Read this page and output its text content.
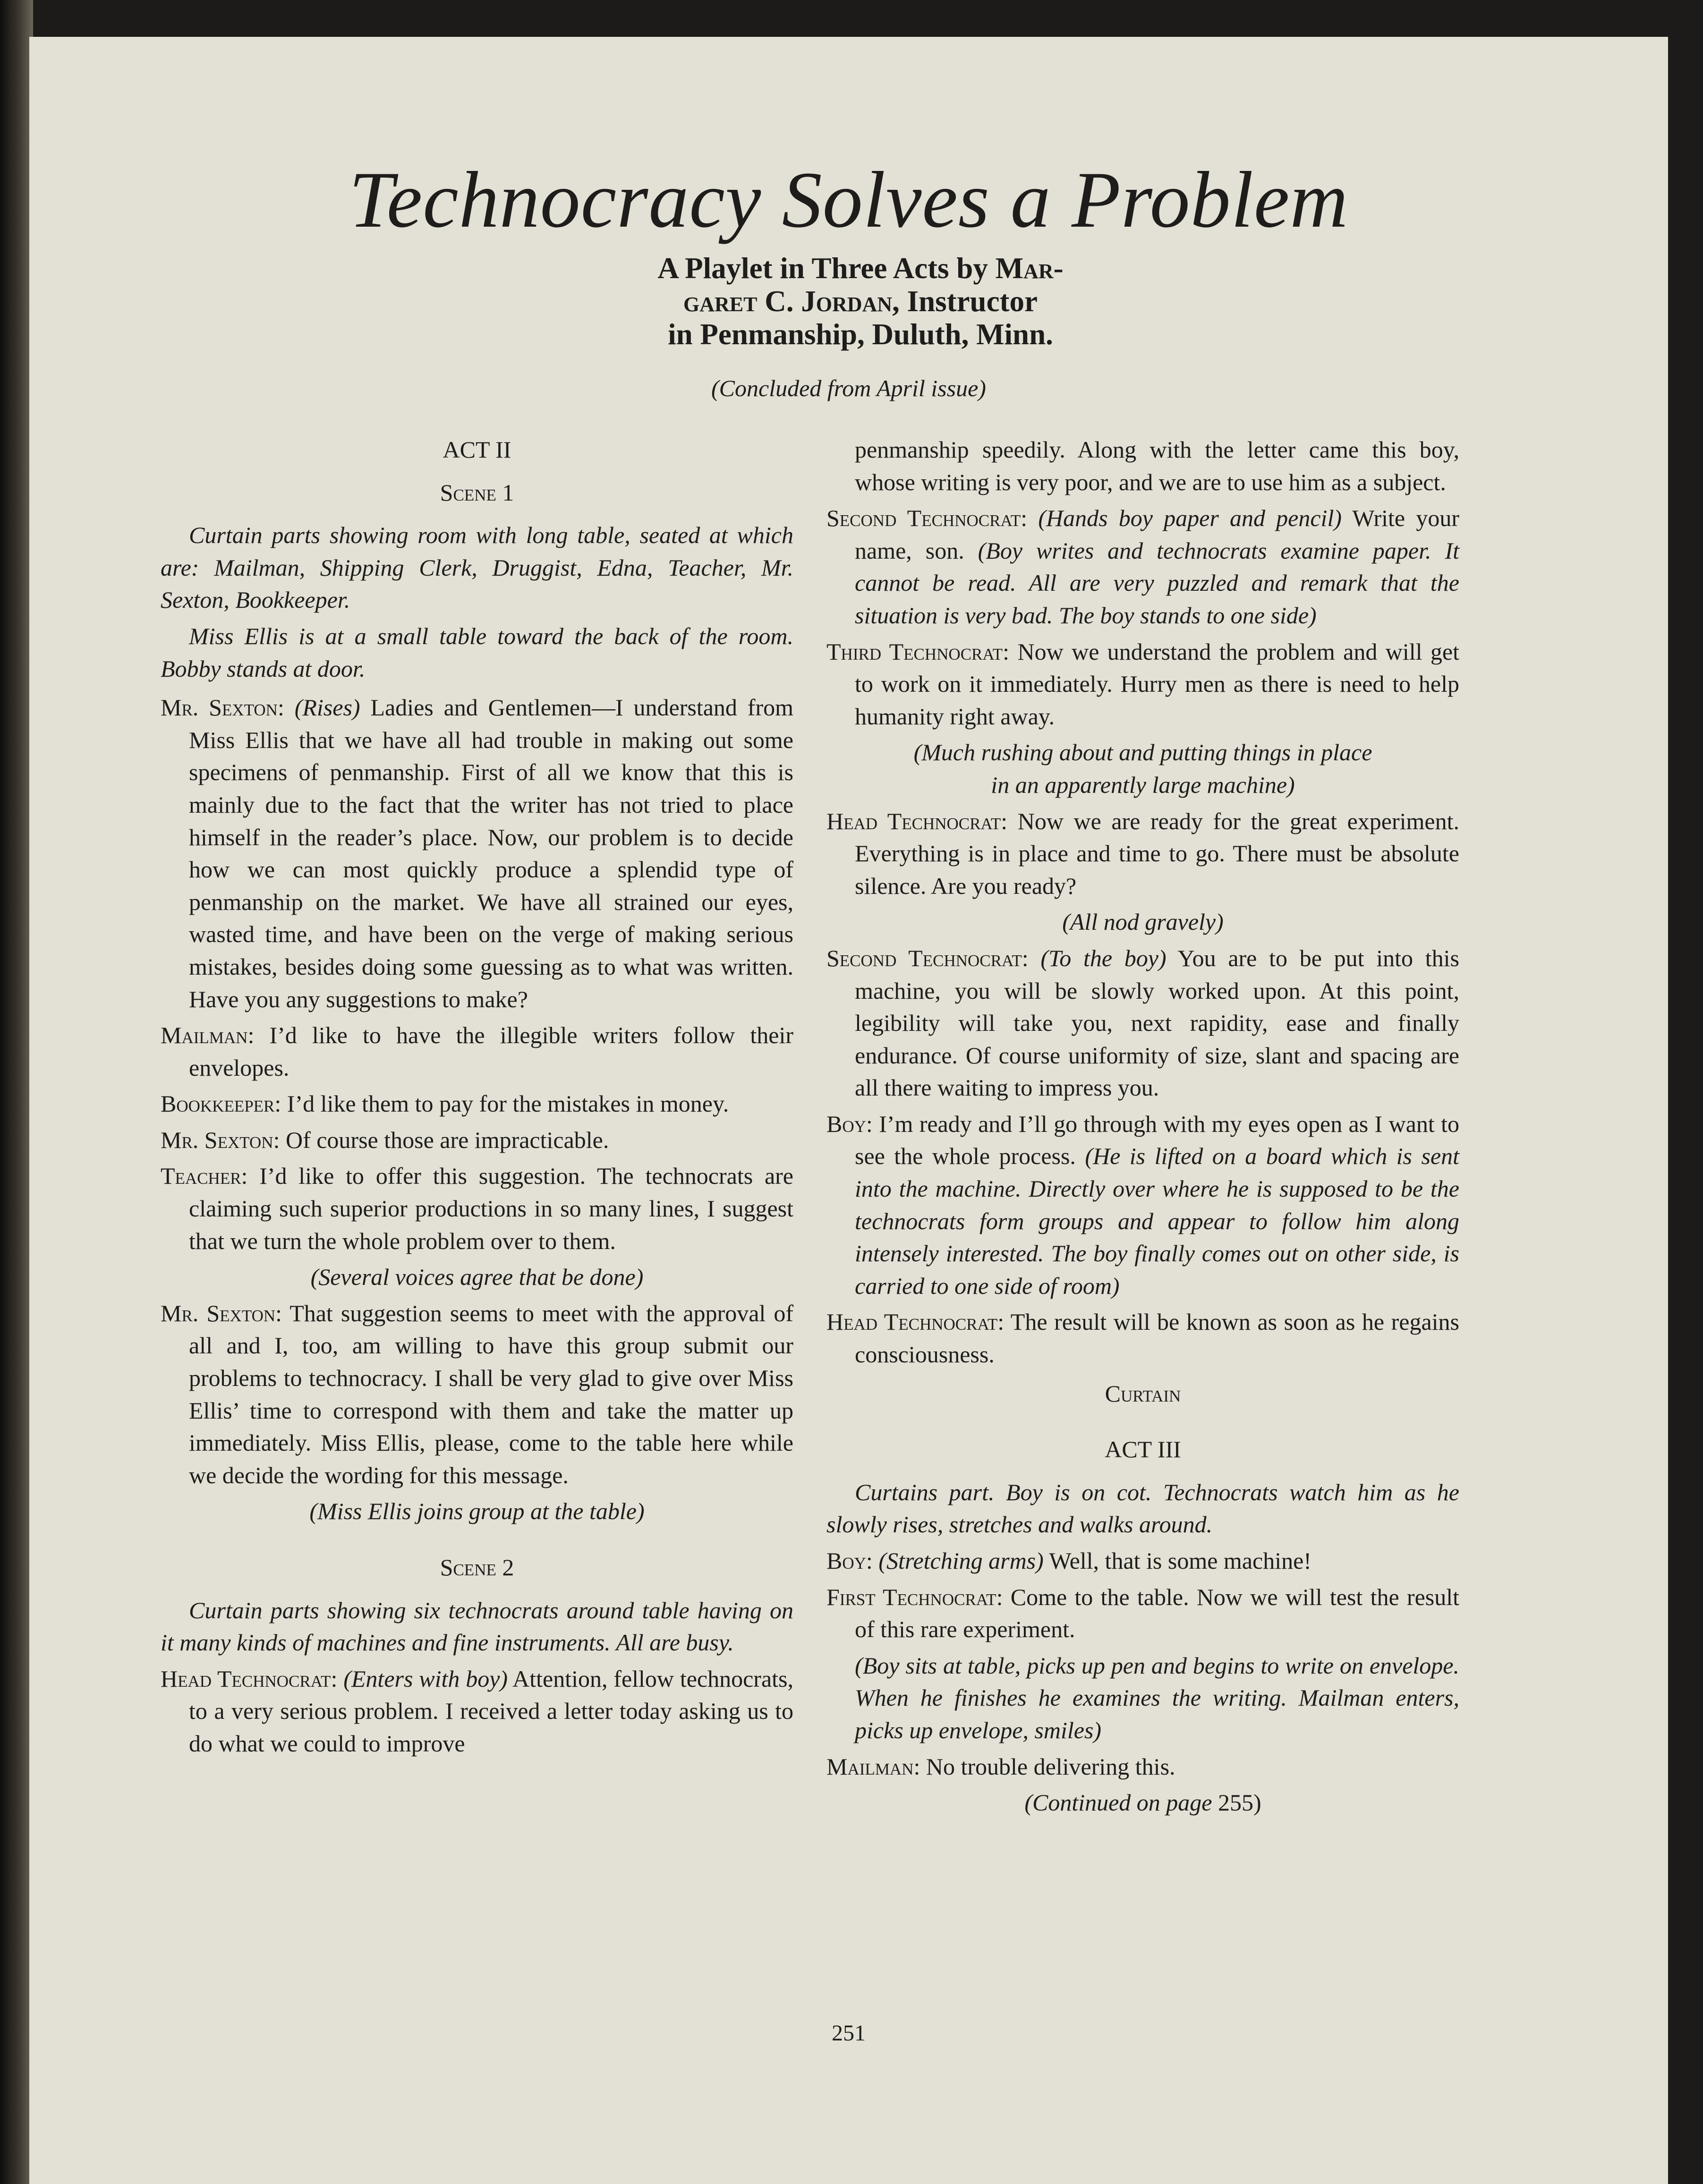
Technocracy Solves a Problem
A Playlet in Three Acts by Mar-
garet C. Jordan, Instructor
in Penmanship, Duluth, Minn.
(Concluded from April issue)

ACT II

Scene 1

Curtain parts showing room with long table, seated at which are: Mailman, Shipping Clerk, Druggist, Edna, Teacher, Mr. Sexton, Bookkeeper.

Miss Ellis is at a small table toward the back of the room. Bobby stands at door.

Mr. Sexton: (Rises) Ladies and Gentlemen—I understand from Miss Ellis that we have all had trouble in making out some specimens of penmanship. First of all we know that this is mainly due to the fact that the writer has not tried to place himself in the reader’s place. Now, our problem is to decide how we can most quickly produce a splendid type of penmanship on the market. We have all strained our eyes, wasted time, and have been on the verge of making serious mistakes, besides doing some guessing as to what was written. Have you any suggestions to make?

Mailman: I’d like to have the illegible writers follow their envelopes.

Bookkeeper: I’d like them to pay for the mistakes in money.

Mr. Sexton: Of course those are impracticable.

Teacher: I’d like to offer this suggestion. The technocrats are claiming such superior productions in so many lines, I suggest that we turn the whole problem over to them.

(Several voices agree that be done)

Mr. Sexton: That suggestion seems to meet with the approval of all and I, too, am willing to have this group submit our problems to technocracy. I shall be very glad to give over Miss Ellis’ time to correspond with them and take the matter up immediately. Miss Ellis, please, come to the table here while we decide the wording for this message.

(Miss Ellis joins group at the table)

Scene 2

Curtain parts showing six technocrats around table having on it many kinds of machines and fine instruments. All are busy.

Head Technocrat: (Enters with boy) Attention, fellow technocrats, to a very serious problem. I received a letter today asking us to do what we could to improve

penmanship speedily. Along with the letter came this boy, whose writing is very poor, and we are to use him as a subject.

Second Technocrat: (Hands boy paper and pencil) Write your name, son. (Boy writes and technocrats examine paper. It cannot be read. All are very puzzled and remark that the situation is very bad. The boy stands to one side)

Third Technocrat: Now we understand the problem and will get to work on it immediately. Hurry men as there is need to help humanity right away.

(Much rushing about and putting things in place

in an apparently large machine)

Head Technocrat: Now we are ready for the great experiment. Everything is in place and time to go. There must be absolute silence. Are you ready?

(All nod gravely)

Second Technocrat: (To the boy) You are to be put into this machine, you will be slowly worked upon. At this point, legibility will take you, next rapidity, ease and finally endurance. Of course uniformity of size, slant and spacing are all there waiting to impress you.

Boy: I’m ready and I’ll go through with my eyes open as I want to see the whole process. (He is lifted on a board which is sent into the machine. Directly over where he is supposed to be the technocrats form groups and appear to follow him along intensely interested. The boy finally comes out on other side, is carried to one side of room)

Head Technocrat: The result will be known as soon as he regains consciousness.

Curtain

ACT III

Curtains part. Boy is on cot. Technocrats watch him as he slowly rises, stretches and walks around.

Boy: (Stretching arms) Well, that is some machine!

First Technocrat: Come to the table. Now we will test the result of this rare experiment.

(Boy sits at table, picks up pen and begins to write on envelope. When he finishes he examines the writing. Mailman enters, picks up envelope, smiles)

Mailman: No trouble delivering this.

(Continued on page 255)

251
